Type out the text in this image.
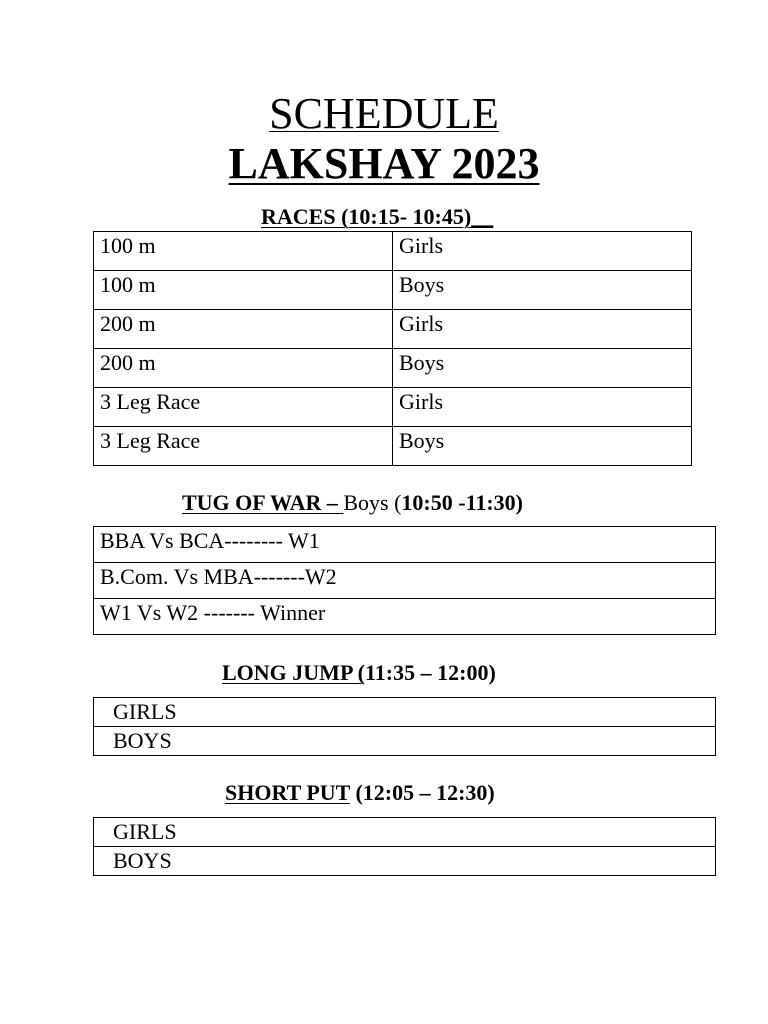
SCHEDULE
LAKSHAY 2023
RACES (10:15- 10:45)__
100 m	Girls
100 m	Boys
200 m	Girls
200 m	Boys
3 Leg Race	Girls
3 Leg Race	Boys
TUG OF WAR – Boys (10:50 -11:30)
BBA Vs BCA-------- W1
B.Com. Vs MBA-------W2
W1 Vs W2 ------- Winner
LONG JUMP (11:35 – 12:00)
GIRLS
BOYS
SHORT PUT (12:05 – 12:30)
GIRLS
BOYS
